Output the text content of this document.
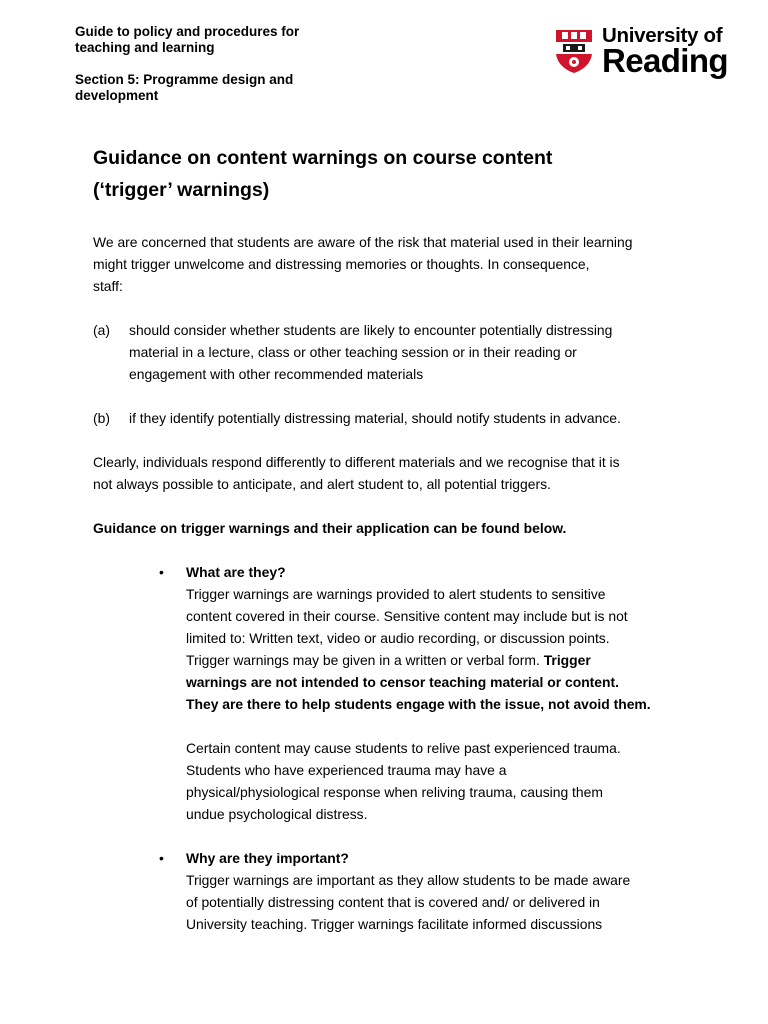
Guide to policy and procedures for
teaching and learning
Section 5: Programme design and
development
University of
Reading
Guidance on content warnings on course content
(‘trigger’ warnings)

We are concerned that students are aware of the risk that material used in their learning
might trigger unwelcome and distressing memories or thoughts. In consequence,
staff:

(a) should consider whether students are likely to encounter potentially distressing
material in a lecture, class or other teaching session or in their reading or
engagement with other recommended materials
(b) if they identify potentially distressing material, should notify students in advance.

Clearly, individuals respond differently to different materials and we recognise that it is
not always possible to anticipate, and alert student to, all potential triggers.

Guidance on trigger warnings and their application can be found below.

• What are they?
Trigger warnings are warnings provided to alert students to sensitive
content covered in their course. Sensitive content may include but is not
limited to: Written text, video or audio recording, or discussion points.
Trigger warnings may be given in a written or verbal form. Trigger
warnings are not intended to censor teaching material or content.
They are there to help students engage with the issue, not avoid them.
Certain content may cause students to relive past experienced trauma.
Students who have experienced trauma may have a
physical/physiological response when reliving trauma, causing them
undue psychological distress.
• Why are they important?
Trigger warnings are important as they allow students to be made aware
of potentially distressing content that is covered and/ or delivered in
University teaching. Trigger warnings facilitate informed discussions
